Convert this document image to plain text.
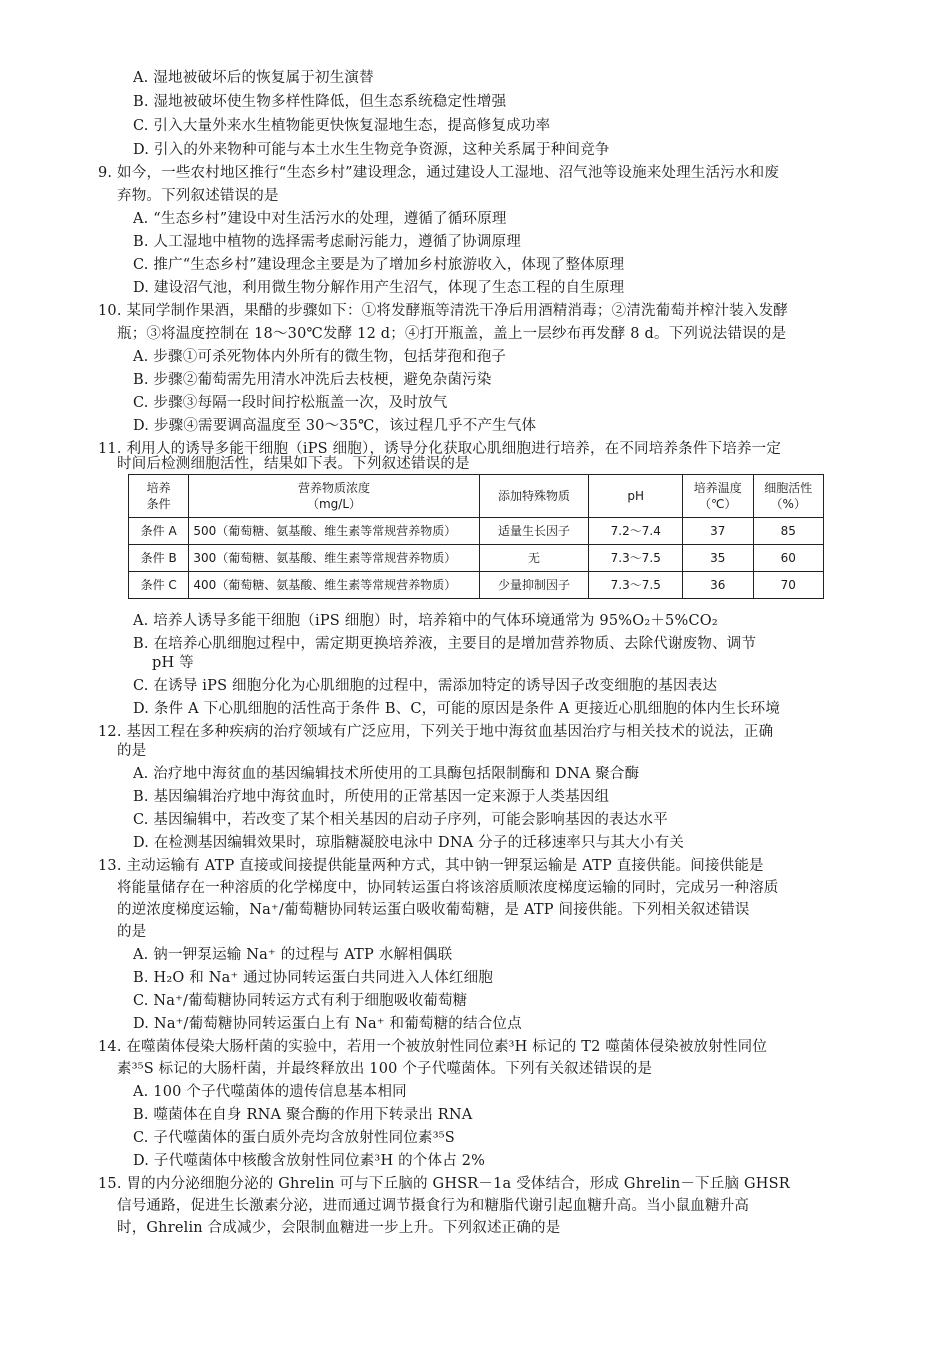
A. 湿地被破坏后的恢复属于初生演替
B. 湿地被破坏使生物多样性降低，但生态系统稳定性增强
C. 引入大量外来水生植物能更快恢复湿地生态，提高修复成功率
D. 引入的外来物种可能与本土水生生物竞争资源，这种关系属于种间竞争
9. 如今，一些农村地区推行“生态乡村”建设理念，通过建设人工湿地、沼气池等设施来处理生活污水和废
弃物。下列叙述错误的是
A. “生态乡村”建设中对生活污水的处理，遵循了循环原理
B. 人工湿地中植物的选择需考虑耐污能力，遵循了协调原理
C. 推广“生态乡村”建设理念主要是为了增加乡村旅游收入，体现了整体原理
D. 建设沼气池，利用微生物分解作用产生沼气，体现了生态工程的自生原理
10. 某同学制作果酒，果醋的步骤如下：①将发酵瓶等清洗干净后用酒精消毒；②清洗葡萄并榨汁装入发酵
瓶；③将温度控制在 18～30℃发酵 12 d；④打开瓶盖，盖上一层纱布再发酵 8 d。下列说法错误的是
A. 步骤①可杀死物体内外所有的微生物，包括芽孢和孢子
B. 步骤②葡萄需先用清水冲洗后去枝梗，避免杂菌污染
C. 步骤③每隔一段时间拧松瓶盖一次，及时放气
D. 步骤④需要调高温度至 30～35℃，该过程几乎不产生气体
11. 利用人的诱导多能干细胞（iPS 细胞），诱导分化获取心肌细胞进行培养，在不同培养条件下培养一定
时间后检测细胞活性，结果如下表。下列叙述错误的是
培养
条件	营养物质浓度
（mg/L）	添加特殊物质	pH	培养温度
（℃）	细胞活性
（%）
条件 A	500（葡萄糖、氨基酸、维生素等常规营养物质）	适量生长因子	7.2～7.4	37	85
条件 B	300（葡萄糖、氨基酸、维生素等常规营养物质）	无	7.3～7.5	35	60
条件 C	400（葡萄糖、氨基酸、维生素等常规营养物质）	少量抑制因子	7.3～7.5	36	70
A. 培养人诱导多能干细胞（iPS 细胞）时，培养箱中的气体环境通常为 95%O₂＋5%CO₂
B. 在培养心肌细胞过程中，需定期更换培养液，主要目的是增加营养物质、去除代谢废物、调节
pH 等
C. 在诱导 iPS 细胞分化为心肌细胞的过程中，需添加特定的诱导因子改变细胞的基因表达
D. 条件 A 下心肌细胞的活性高于条件 B、C，可能的原因是条件 A 更接近心肌细胞的体内生长环境
12. 基因工程在多种疾病的治疗领域有广泛应用，下列关于地中海贫血基因治疗与相关技术的说法，正确
的是
A. 治疗地中海贫血的基因编辑技术所使用的工具酶包括限制酶和 DNA 聚合酶
B. 基因编辑治疗地中海贫血时，所使用的正常基因一定来源于人类基因组
C. 基因编辑中，若改变了某个相关基因的启动子序列，可能会影响基因的表达水平
D. 在检测基因编辑效果时，琼脂糖凝胶电泳中 DNA 分子的迁移速率只与其大小有关
13. 主动运输有 ATP 直接或间接提供能量两种方式，其中钠一钾泵运输是 ATP 直接供能。间接供能是
将能量储存在一种溶质的化学梯度中，协同转运蛋白将该溶质顺浓度梯度运输的同时，完成另一种溶质
的逆浓度梯度运输，Na⁺/葡萄糖协同转运蛋白吸收葡萄糖，是 ATP 间接供能。下列相关叙述错误
的是
A. 钠一钾泵运输 Na⁺ 的过程与 ATP 水解相偶联
B. H₂O 和 Na⁺ 通过协同转运蛋白共同进入人体红细胞
C. Na⁺/葡萄糖协同转运方式有利于细胞吸收葡萄糖
D. Na⁺/葡萄糖协同转运蛋白上有 Na⁺ 和葡萄糖的结合位点
14. 在噬菌体侵染大肠杆菌的实验中，若用一个被放射性同位素³H 标记的 T2 噬菌体侵染被放射性同位
素³⁵S 标记的大肠杆菌，并最终释放出 100 个子代噬菌体。下列有关叙述错误的是
A. 100 个子代噬菌体的遗传信息基本相同
B. 噬菌体在自身 RNA 聚合酶的作用下转录出 RNA
C. 子代噬菌体的蛋白质外壳均含放射性同位素³⁵S
D. 子代噬菌体中核酸含放射性同位素³H 的个体占 2%
15. 胃的内分泌细胞分泌的 Ghrelin 可与下丘脑的 GHSR－1a 受体结合，形成 Ghrelin－下丘脑 GHSR
信号通路，促进生长激素分泌，进而通过调节摄食行为和糖脂代谢引起血糖升高。当小鼠血糖升高
时，Ghrelin 合成减少，会限制血糖进一步上升。下列叙述正确的是
